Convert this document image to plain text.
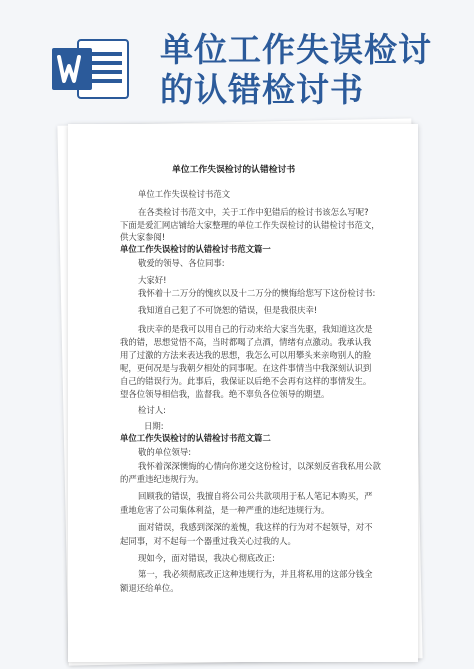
单位工作失误检讨
的认错检讨书
单位工作失误检讨的认错检讨书
单位工作失误检讨书范文
在各类检讨书范文中，关于工作中犯错后的检讨书该怎么写呢?
下面是爱汇网店铺给大家整理的单位工作失误检讨的认错检讨书范文，
供大家参阅!
单位工作失误检讨的认错检讨书范文篇一
敬爱的领导、各位同事:
大家好!
我怀着十二万分的愧疚以及十二万分的懊悔给您写下这份检讨书:
我知道自己犯了不可饶恕的错误，但是我很庆幸!
我庆幸的是我可以用自己的行动来给大家当先驱，我知道这次是
我的错，思想觉悟不高，当时都喝了点酒，情绪有点激动。我承认我
用了过激的方法来表达我的思想，我怎么可以用攀头来亲吻别人的脸
呢，更何况是与我朝夕相处的同事呢。在这件事情当中我深刻认识到
自己的错误行为。此事后，我保证以后绝不会再有这样的事情发生。
望各位领导相信我，监督我。绝不辜负各位领导的期望。
检讨人:
日期:
单位工作失误检讨的认错检讨书范文篇二
敬的单位领导:
我怀着深深懊悔的心情向你递交这份检讨，以深刻反省我私用公款
的严重违纪违规行为。
回顾我的错误，我擅自将公司公共款项用于私人笔记本购买，严
重地危害了公司集体利益，是一种严重的违纪违规行为。
面对错误，我感到深深的羞愧，我这样的行为对不起领导，对不
起同事，对不起每一个器重过我关心过我的人。
现如今，面对错误，我决心彻底改正:
第一，我必须彻底改正这种违规行为，并且将私用的这部分钱全
额退还给单位。
